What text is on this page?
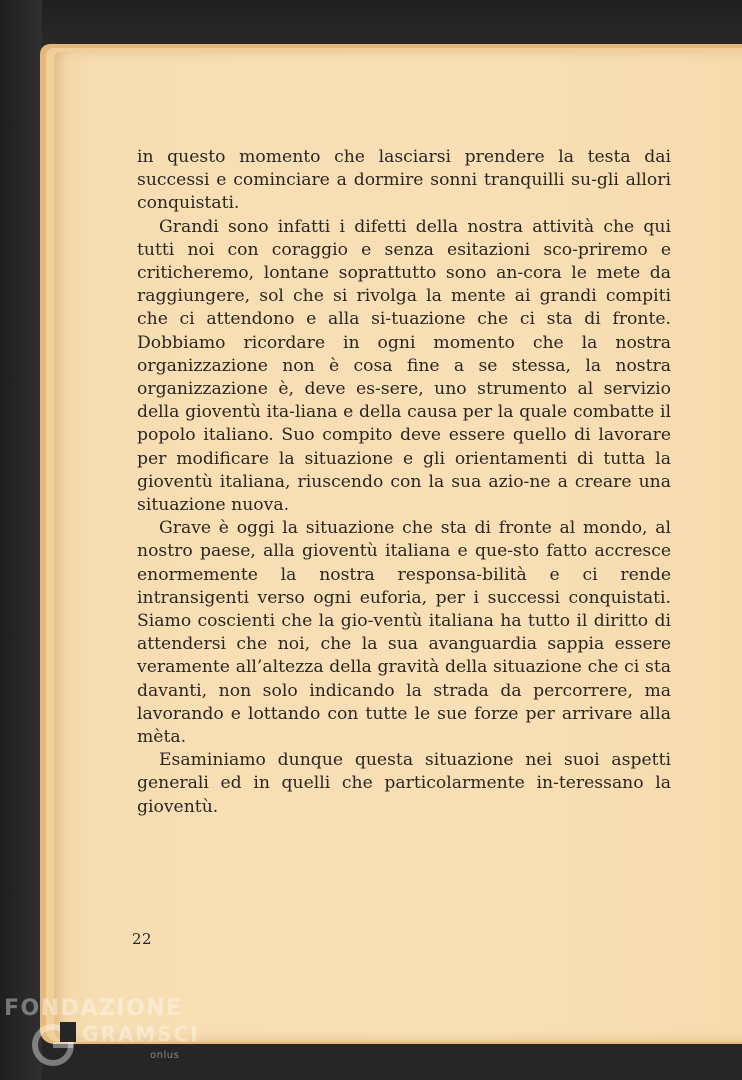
in questo momento che lasciarsi prendere la testa dai successi e cominciare a dormire sonni tranquilli su-gli allori conquistati.

Grandi sono infatti i difetti della nostra attività che qui tutti noi con coraggio e senza esitazioni sco-priremo e criticheremo, lontane soprattutto sono an-cora le mete da raggiungere, sol che si rivolga la mente ai grandi compiti che ci attendono e alla si-tuazione che ci sta di fronte. Dobbiamo ricordare in ogni momento che la nostra organizzazione non è cosa fine a se stessa, la nostra organizzazione è, deve es-sere, uno strumento al servizio della gioventù ita-liana e della causa per la quale combatte il popolo italiano. Suo compito deve essere quello di lavorare per modificare la situazione e gli orientamenti di tutta la gioventù italiana, riuscendo con la sua azio-ne a creare una situazione nuova.

Grave è oggi la situazione che sta di fronte al mondo, al nostro paese, alla gioventù italiana e que-sto fatto accresce enormemente la nostra responsa-bilità e ci rende intransigenti verso ogni euforia, per i successi conquistati. Siamo coscienti che la gio-ventù italiana ha tutto il diritto di attendersi che noi, che la sua avanguardia sappia essere veramente all’altezza della gravità della situazione che ci sta davanti, non solo indicando la strada da percorrere, ma lavorando e lottando con tutte le sue forze per arrivare alla mèta.

Esaminiamo dunque questa situazione nei suoi aspetti generali ed in quelli che particolarmente in-teressano la gioventù.

22
FONDAZIONE
GRAMSCI
onlus
